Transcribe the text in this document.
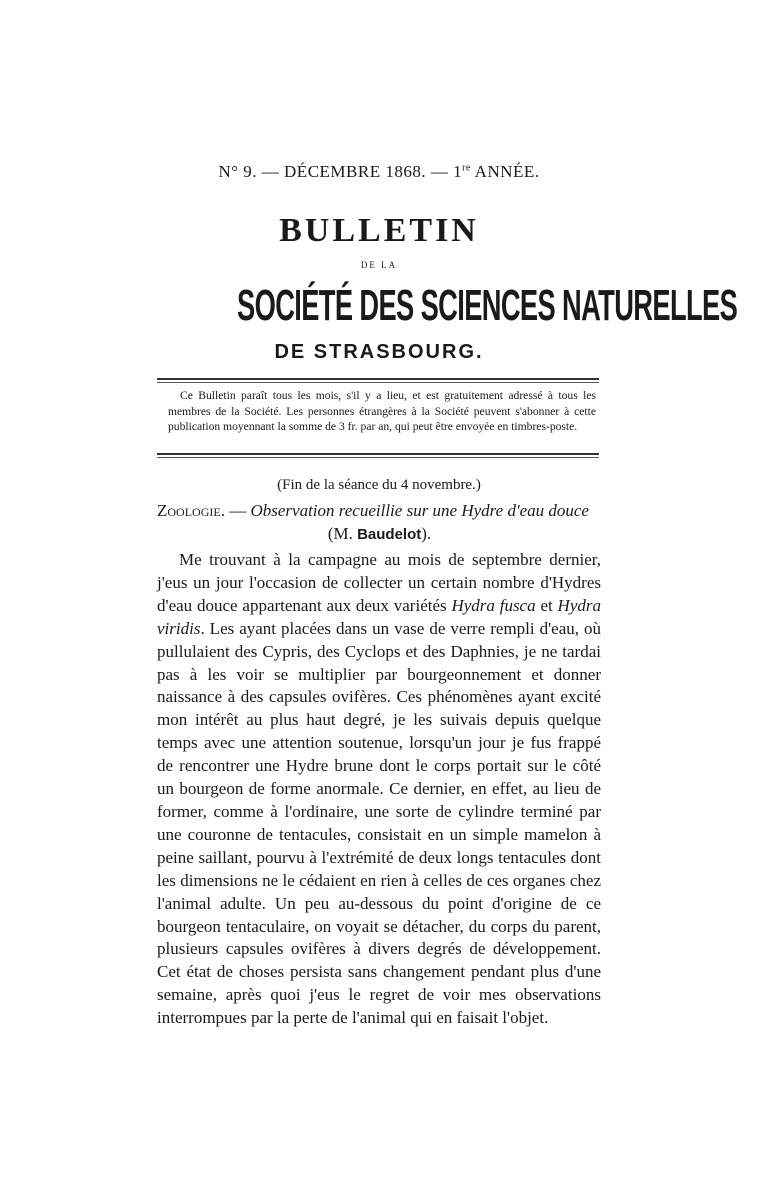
N° 9. — DÉCEMBRE 1868. — 1re ANNÉE.
BULLETIN
DE LA
SOCIÉTÉ DES SCIENCES NATURELLES
DE STRASBOURG.
Ce Bulletin paraît tous les mois, s'il y a lieu, et est gratuitement adressé à tous les membres de la Société. Les personnes étrangères à la Société peuvent s'abonner à cette publication moyennant la somme de 3 fr. par an, qui peut être envoyée en timbres-poste.
(Fin de la séance du 4 novembre.)
Zoologie. — Observation recueillie sur une Hydre d'eau douce
(M. Baudelot).
Me trouvant à la campagne au mois de septembre dernier, j'eus un jour l'occasion de collecter un certain nombre d'Hydres d'eau douce appartenant aux deux variétés Hydra fusca et Hydra viridis. Les ayant placées dans un vase de verre rempli d'eau, où pullulaient des Cypris, des Cyclops et des Daphnies, je ne tardai pas à les voir se multiplier par bourgeonnement et donner naissance à des capsules ovifères. Ces phénomènes ayant excité mon intérêt au plus haut degré, je les suivais depuis quelque temps avec une attention soutenue, lorsqu'un jour je fus frappé de rencontrer une Hydre brune dont le corps portait sur le côté un bourgeon de forme anormale. Ce dernier, en effet, au lieu de former, comme à l'ordinaire, une sorte de cylindre terminé par une couronne de tentacules, consistait en un simple mamelon à peine saillant, pourvu à l'extrémité de deux longs tentacules dont les dimensions ne le cédaient en rien à celles de ces organes chez l'animal adulte. Un peu au-dessous du point d'origine de ce bourgeon tentaculaire, on voyait se détacher, du corps du parent, plusieurs capsules ovifères à divers degrés de développement. Cet état de choses persista sans changement pendant plus d'une semaine, après quoi j'eus le regret de voir mes observations interrompues par la perte de l'animal qui en faisait l'objet.
